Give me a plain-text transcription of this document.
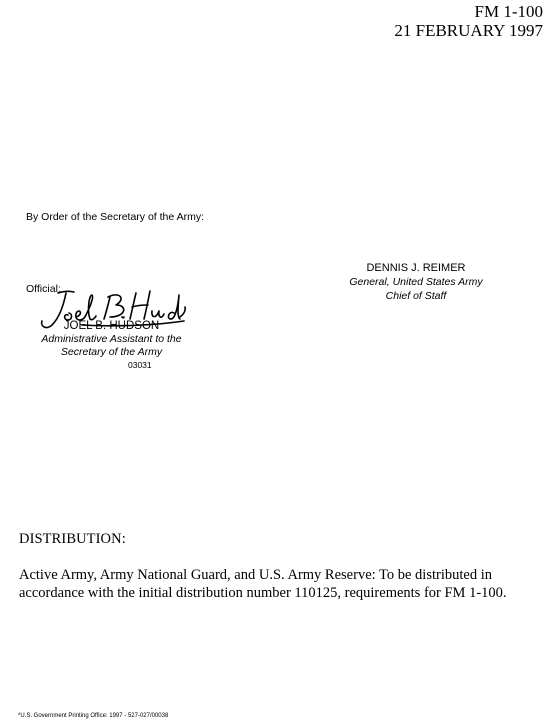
FM 1-100
21 FEBRUARY 1997
By Order of the Secretary of the Army:
DENNIS J. REIMER
General, United States Army
Chief of Staff
Official:
JOEL B. HUDSON
Administrative Assistant to the
Secretary of the Army
03031
DISTRIBUTION:
Active Army, Army National Guard, and U.S. Army Reserve: To be distributed in accordance with the initial distribution number 110125, requirements for FM 1-100.
*U.S. Government Printing Office: 1997 - 527-027/00038
